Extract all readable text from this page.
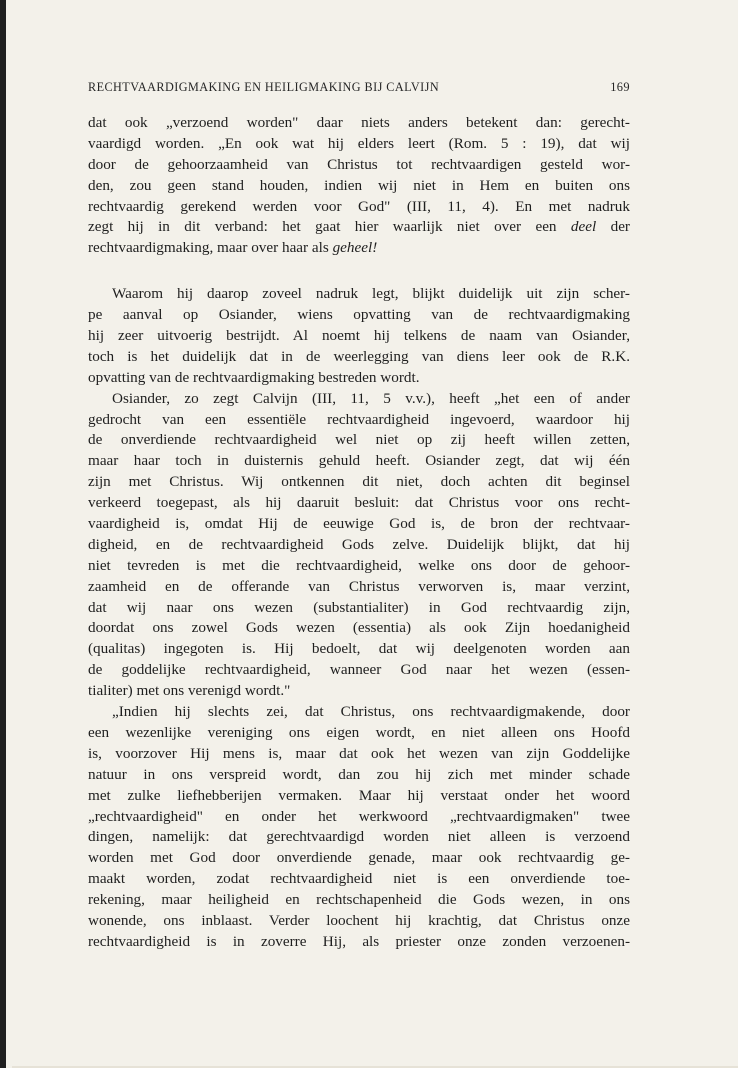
RECHTVAARDIGMAKING EN HEILIGMAKING BIJ CALVIJN	169
dat ook „verzoend worden" daar niets anders betekent dan: gerecht-
vaardigd worden. „En ook wat hij elders leert (Rom. 5 : 19), dat wij
door de gehoorzaamheid van Christus tot rechtvaardigen gesteld wor-
den, zou geen stand houden, indien wij niet in Hem en buiten ons
rechtvaardig gerekend werden voor God" (III, 11, 4). En met nadruk
zegt hij in dit verband: het gaat hier waarlijk niet over een deel der
rechtvaardigmaking, maar over haar als geheel!
Waarom hij daarop zoveel nadruk legt, blijkt duidelijk uit zijn scher-
pe aanval op Osiander, wiens opvatting van de rechtvaardigmaking
hij zeer uitvoerig bestrijdt. Al noemt hij telkens de naam van Osiander,
toch is het duidelijk dat in de weerlegging van diens leer ook de R.K.
opvatting van de rechtvaardigmaking bestreden wordt.
Osiander, zo zegt Calvijn (III, 11, 5 v.v.), heeft „het een of ander
gedrocht van een essentiële rechtvaardigheid ingevoerd, waardoor hij
de onverdiende rechtvaardigheid wel niet op zij heeft willen zetten,
maar haar toch in duisternis gehuld heeft. Osiander zegt, dat wij één
zijn met Christus. Wij ontkennen dit niet, doch achten dit beginsel
verkeerd toegepast, als hij daaruit besluit: dat Christus voor ons recht-
vaardigheid is, omdat Hij de eeuwige God is, de bron der rechtvaar-
digheid, en de rechtvaardigheid Gods zelve. Duidelijk blijkt, dat hij
niet tevreden is met die rechtvaardigheid, welke ons door de gehoor-
zaamheid en de offerande van Christus verworven is, maar verzint,
dat wij naar ons wezen (substantialiter) in God rechtvaardig zijn,
doordat ons zowel Gods wezen (essentia) als ook Zijn hoedanigheid
(qualitas) ingegoten is. Hij bedoelt, dat wij deelgenoten worden aan
de goddelijke rechtvaardigheid, wanneer God naar het wezen (essen-
tialiter) met ons verenigd wordt."
„Indien hij slechts zei, dat Christus, ons rechtvaardigmakende, door
een wezenlijke vereniging ons eigen wordt, en niet alleen ons Hoofd
is, voorzover Hij mens is, maar dat ook het wezen van zijn Goddelijke
natuur in ons verspreid wordt, dan zou hij zich met minder schade
met zulke liefhebberijen vermaken. Maar hij verstaat onder het woord
„rechtvaardigheid" en onder het werkwoord „rechtvaardigmaken" twee
dingen, namelijk: dat gerechtvaardigd worden niet alleen is verzoend
worden met God door onverdiende genade, maar ook rechtvaardig ge-
maakt worden, zodat rechtvaardigheid niet is een onverdiende toe-
rekening, maar heiligheid en rechtschapenheid die Gods wezen, in ons
wonende, ons inblaast. Verder loochent hij krachtig, dat Christus onze
rechtvaardigheid is in zoverre Hij, als priester onze zonden verzoenen-
